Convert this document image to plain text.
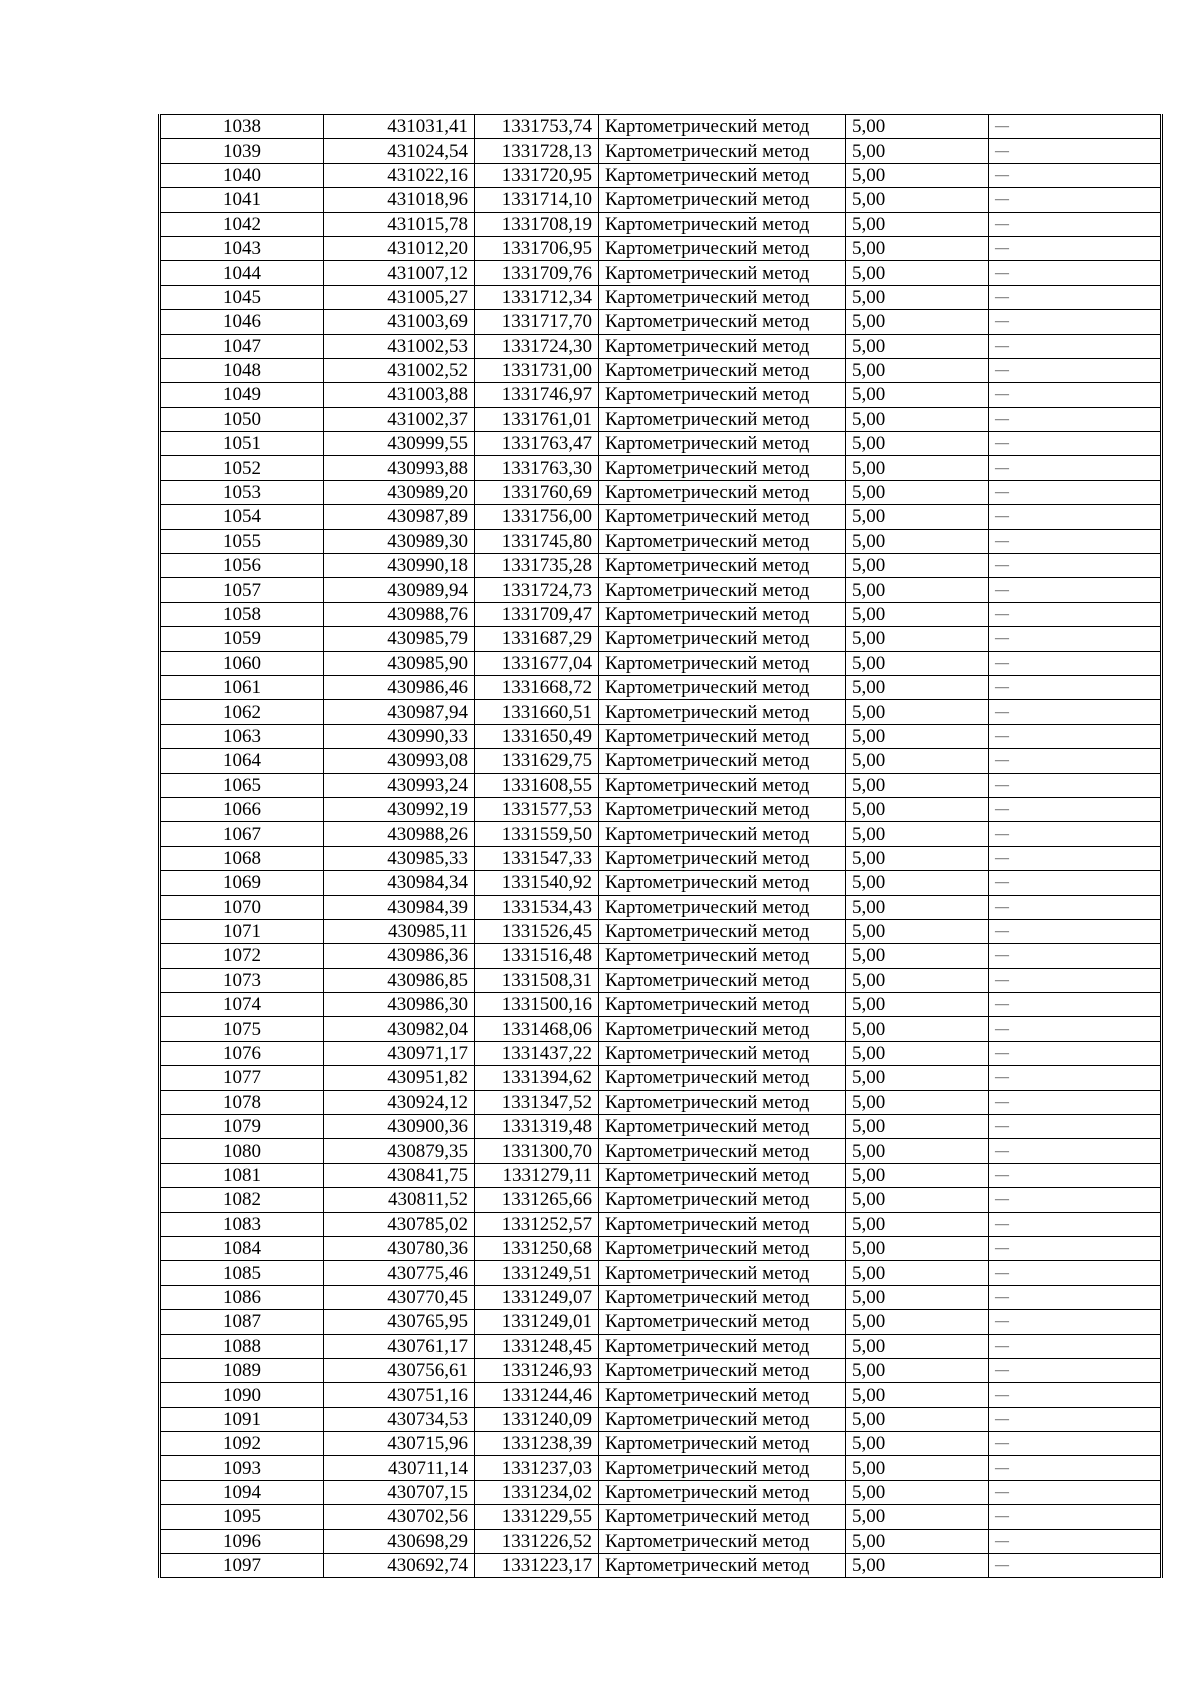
1038	431031,41	1331753,74	Картометрический метод	5,00	—
1039	431024,54	1331728,13	Картометрический метод	5,00	—
1040	431022,16	1331720,95	Картометрический метод	5,00	—
1041	431018,96	1331714,10	Картометрический метод	5,00	—
1042	431015,78	1331708,19	Картометрический метод	5,00	—
1043	431012,20	1331706,95	Картометрический метод	5,00	—
1044	431007,12	1331709,76	Картометрический метод	5,00	—
1045	431005,27	1331712,34	Картометрический метод	5,00	—
1046	431003,69	1331717,70	Картометрический метод	5,00	—
1047	431002,53	1331724,30	Картометрический метод	5,00	—
1048	431002,52	1331731,00	Картометрический метод	5,00	—
1049	431003,88	1331746,97	Картометрический метод	5,00	—
1050	431002,37	1331761,01	Картометрический метод	5,00	—
1051	430999,55	1331763,47	Картометрический метод	5,00	—
1052	430993,88	1331763,30	Картометрический метод	5,00	—
1053	430989,20	1331760,69	Картометрический метод	5,00	—
1054	430987,89	1331756,00	Картометрический метод	5,00	—
1055	430989,30	1331745,80	Картометрический метод	5,00	—
1056	430990,18	1331735,28	Картометрический метод	5,00	—
1057	430989,94	1331724,73	Картометрический метод	5,00	—
1058	430988,76	1331709,47	Картометрический метод	5,00	—
1059	430985,79	1331687,29	Картометрический метод	5,00	—
1060	430985,90	1331677,04	Картометрический метод	5,00	—
1061	430986,46	1331668,72	Картометрический метод	5,00	—
1062	430987,94	1331660,51	Картометрический метод	5,00	—
1063	430990,33	1331650,49	Картометрический метод	5,00	—
1064	430993,08	1331629,75	Картометрический метод	5,00	—
1065	430993,24	1331608,55	Картометрический метод	5,00	—
1066	430992,19	1331577,53	Картометрический метод	5,00	—
1067	430988,26	1331559,50	Картометрический метод	5,00	—
1068	430985,33	1331547,33	Картометрический метод	5,00	—
1069	430984,34	1331540,92	Картометрический метод	5,00	—
1070	430984,39	1331534,43	Картометрический метод	5,00	—
1071	430985,11	1331526,45	Картометрический метод	5,00	—
1072	430986,36	1331516,48	Картометрический метод	5,00	—
1073	430986,85	1331508,31	Картометрический метод	5,00	—
1074	430986,30	1331500,16	Картометрический метод	5,00	—
1075	430982,04	1331468,06	Картометрический метод	5,00	—
1076	430971,17	1331437,22	Картометрический метод	5,00	—
1077	430951,82	1331394,62	Картометрический метод	5,00	—
1078	430924,12	1331347,52	Картометрический метод	5,00	—
1079	430900,36	1331319,48	Картометрический метод	5,00	—
1080	430879,35	1331300,70	Картометрический метод	5,00	—
1081	430841,75	1331279,11	Картометрический метод	5,00	—
1082	430811,52	1331265,66	Картометрический метод	5,00	—
1083	430785,02	1331252,57	Картометрический метод	5,00	—
1084	430780,36	1331250,68	Картометрический метод	5,00	—
1085	430775,46	1331249,51	Картометрический метод	5,00	—
1086	430770,45	1331249,07	Картометрический метод	5,00	—
1087	430765,95	1331249,01	Картометрический метод	5,00	—
1088	430761,17	1331248,45	Картометрический метод	5,00	—
1089	430756,61	1331246,93	Картометрический метод	5,00	—
1090	430751,16	1331244,46	Картометрический метод	5,00	—
1091	430734,53	1331240,09	Картометрический метод	5,00	—
1092	430715,96	1331238,39	Картометрический метод	5,00	—
1093	430711,14	1331237,03	Картометрический метод	5,00	—
1094	430707,15	1331234,02	Картометрический метод	5,00	—
1095	430702,56	1331229,55	Картометрический метод	5,00	—
1096	430698,29	1331226,52	Картометрический метод	5,00	—
1097	430692,74	1331223,17	Картометрический метод	5,00	—
